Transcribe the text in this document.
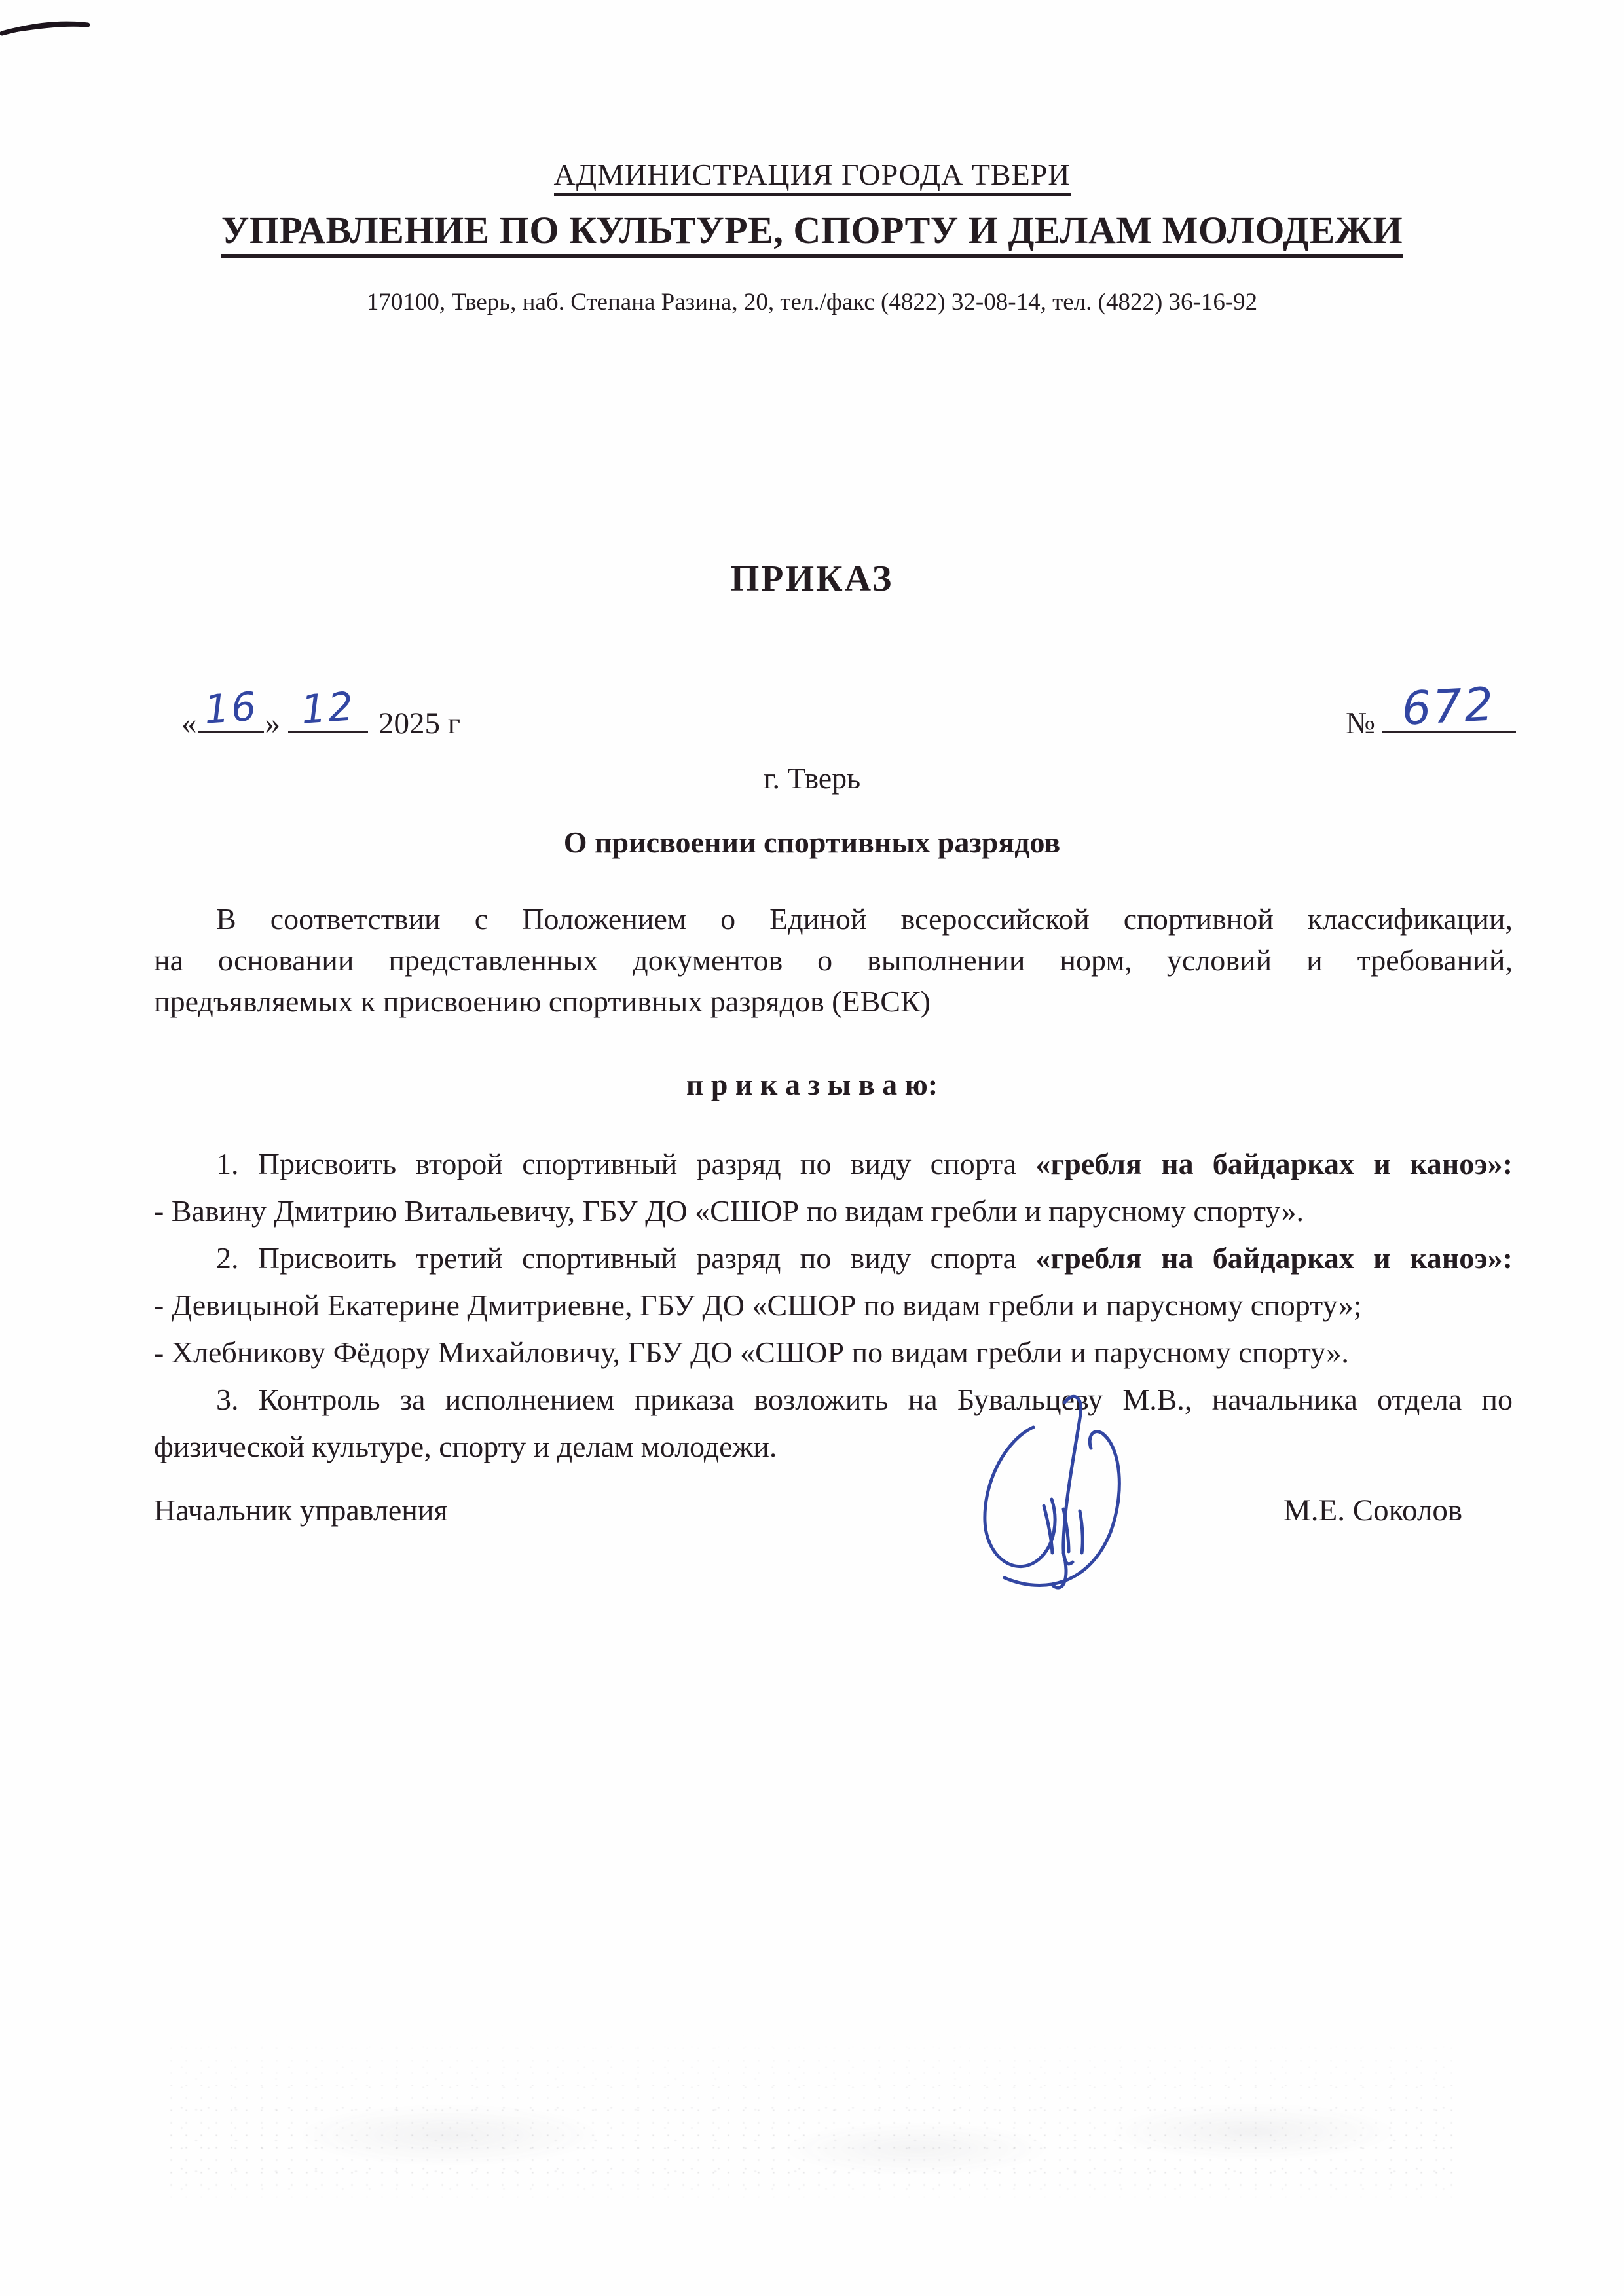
АДМИНИСТРАЦИЯ ГОРОДА ТВЕРИ
УПРАВЛЕНИЕ ПО КУЛЬТУРЕ, СПОРТУ И ДЕЛАМ МОЛОДЕЖИ
170100, Тверь, наб. Степана Разина, 20, тел./факс (4822) 32-08-14, тел. (4822) 36-16-92
ПРИКАЗ
« 16 » 12 2025 г	№ 672
г. Тверь
О присвоении спортивных разрядов
В соответствии с Положением о Единой всероссийской спортивной классификации,
на основании представленных документов о выполнении норм, условий и требований,
предъявляемых к присвоению спортивных разрядов (ЕВСК)
п р и к а з ы в а ю:
1. Присвоить второй спортивный разряд по виду спорта «гребля на байдарках и каноэ»:
- Вавину Дмитрию Витальевичу, ГБУ ДО «СШОР по видам гребли и парусному спорту».
2. Присвоить третий спортивный разряд по виду спорта «гребля на байдарках и каноэ»:
- Девицыной Екатерине Дмитриевне, ГБУ ДО «СШОР по видам гребли и парусному спорту»;
- Хлебникову Фёдору Михайловичу, ГБУ ДО «СШОР по видам гребли и парусному спорту».
3. Контроль за исполнением приказа возложить на Бувальцеву М.В., начальника отдела по
физической культуре, спорту и делам молодежи.
Начальник управления	М.Е. Соколов
